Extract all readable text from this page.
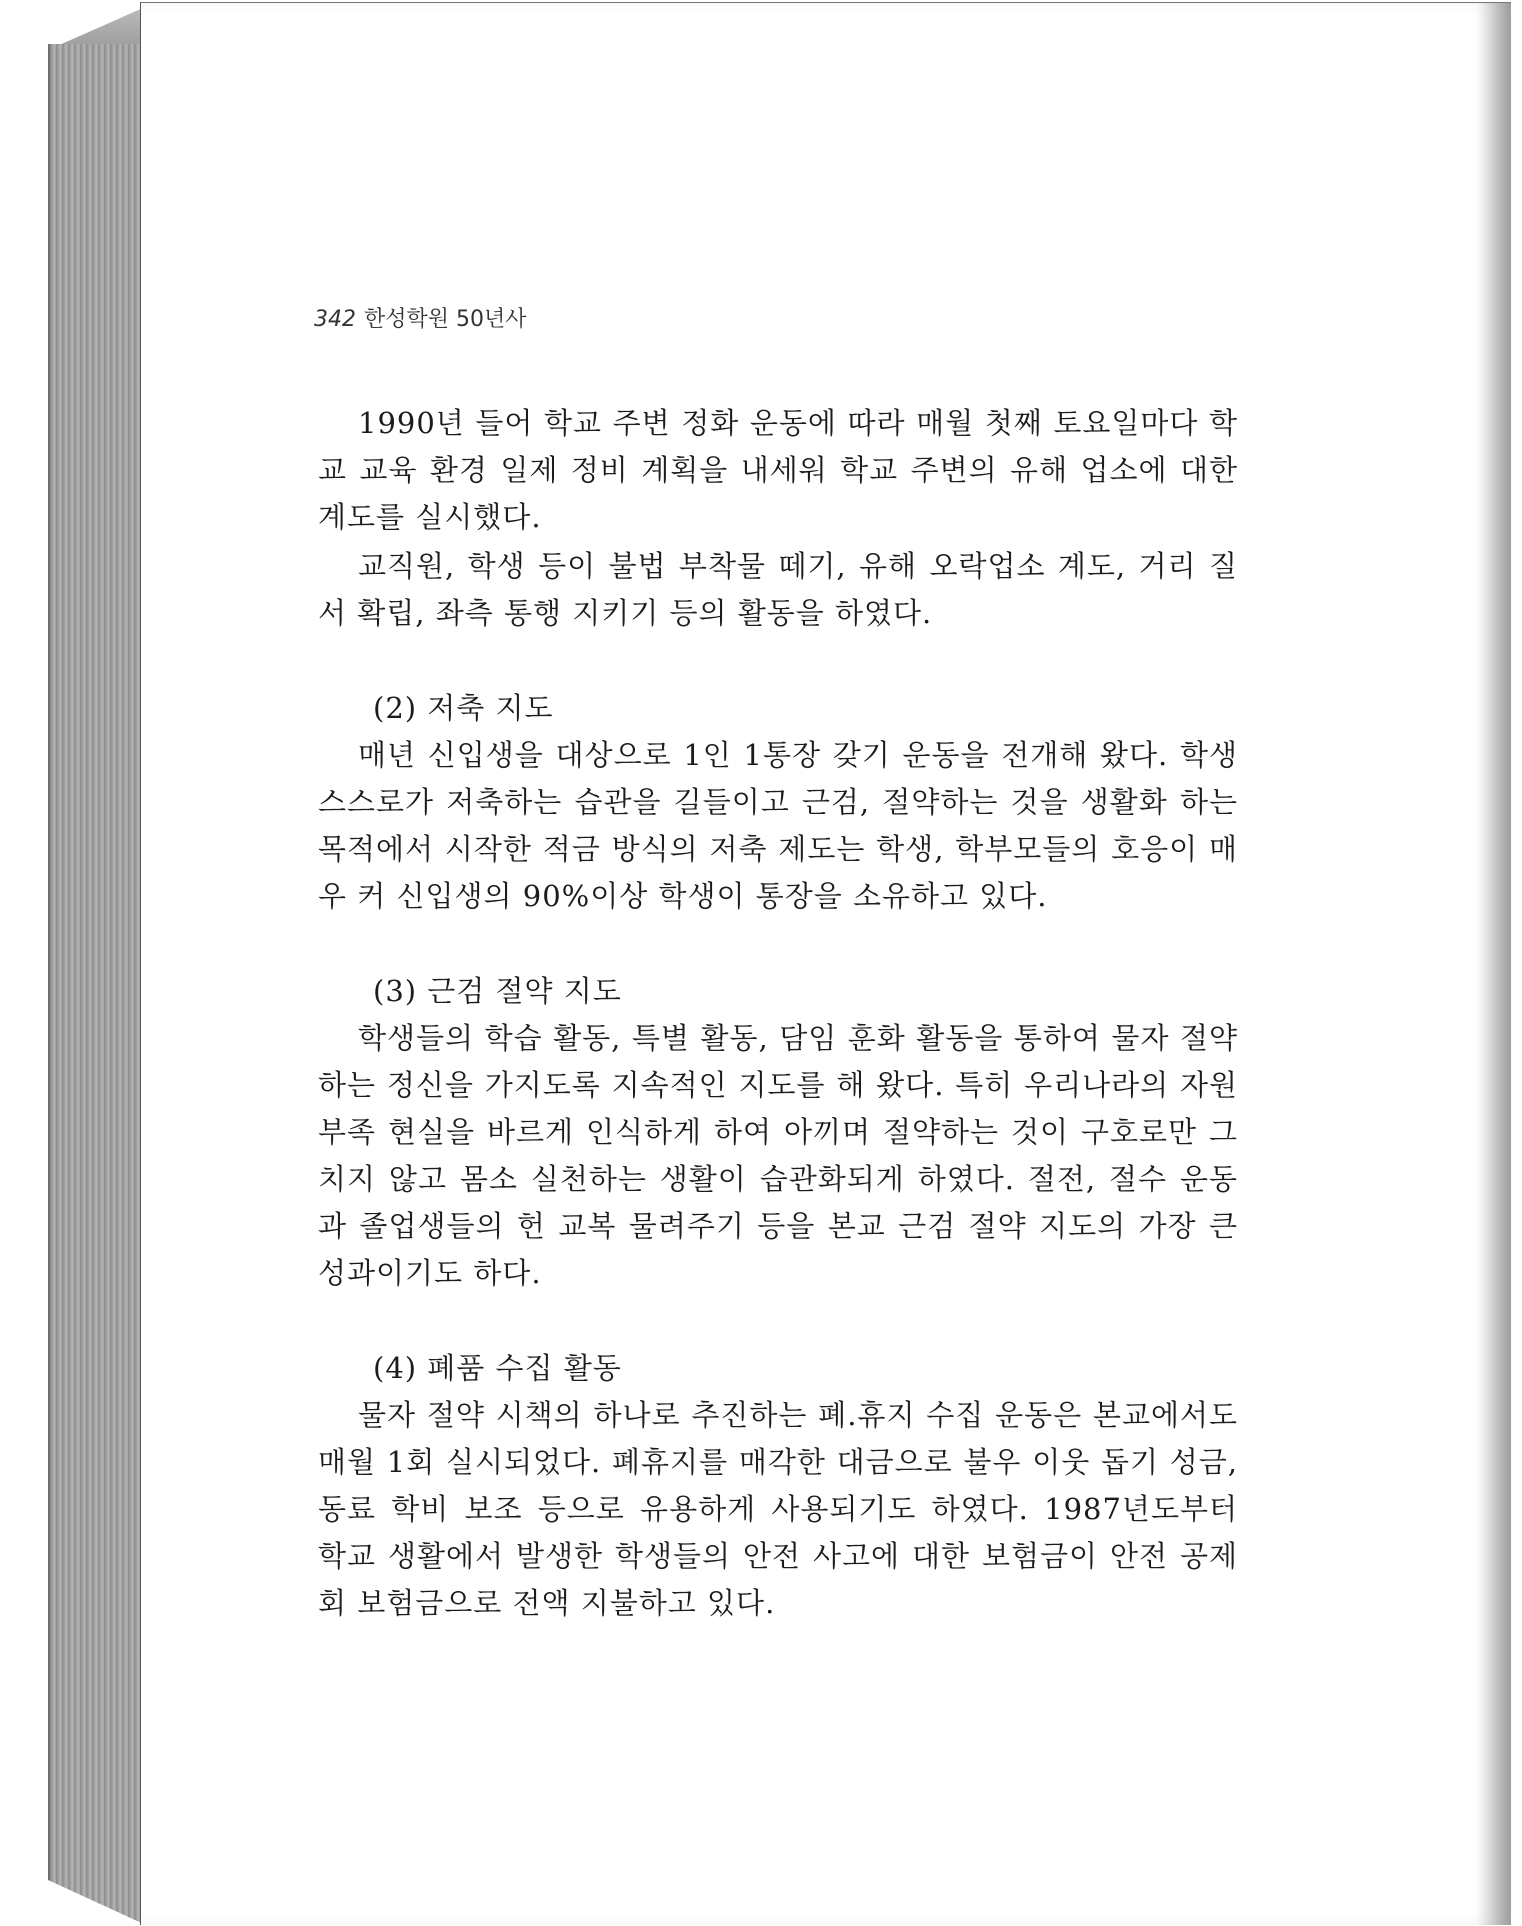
342 한성학원 50년사

1990년 들어 학교 주변 정화 운동에 따라 매월 첫째 토요일마다 학교 교육 환경 일제 정비 계획을 내세워 학교 주변의 유해 업소에 대한 계도를 실시했다.

교직원, 학생 등이 불법 부착물 떼기, 유해 오락업소 계도, 거리 질서 확립, 좌측 통행 지키기 등의 활동을 하였다.

(2) 저축 지도

매년 신입생을 대상으로 1인 1통장 갖기 운동을 전개해 왔다. 학생 스스로가 저축하는 습관을 길들이고 근검, 절약하는 것을 생활화 하는 목적에서 시작한 적금 방식의 저축 제도는 학생, 학부모들의 호응이 매우 커 신입생의 90%이상 학생이 통장을 소유하고 있다.

(3) 근검 절약 지도

학생들의 학습 활동, 특별 활동, 담임 훈화 활동을 통하여 물자 절약하는 정신을 가지도록 지속적인 지도를 해 왔다. 특히 우리나라의 자원 부족 현실을 바르게 인식하게 하여 아끼며 절약하는 것이 구호로만 그치지 않고 몸소 실천하는 생활이 습관화되게 하였다. 절전, 절수 운동과 졸업생들의 헌 교복 물려주기 등을 본교 근검 절약 지도의 가장 큰 성과이기도 하다.

(4) 폐품 수집 활동

물자 절약 시책의 하나로 추진하는 폐.휴지 수집 운동은 본교에서도 매월 1회 실시되었다. 폐휴지를 매각한 대금으로 불우 이웃 돕기 성금, 동료 학비 보조 등으로 유용하게 사용되기도 하였다. 1987년도부터 학교 생활에서 발생한 학생들의 안전 사고에 대한 보험금이 안전 공제회 보험금으로 전액 지불하고 있다.
